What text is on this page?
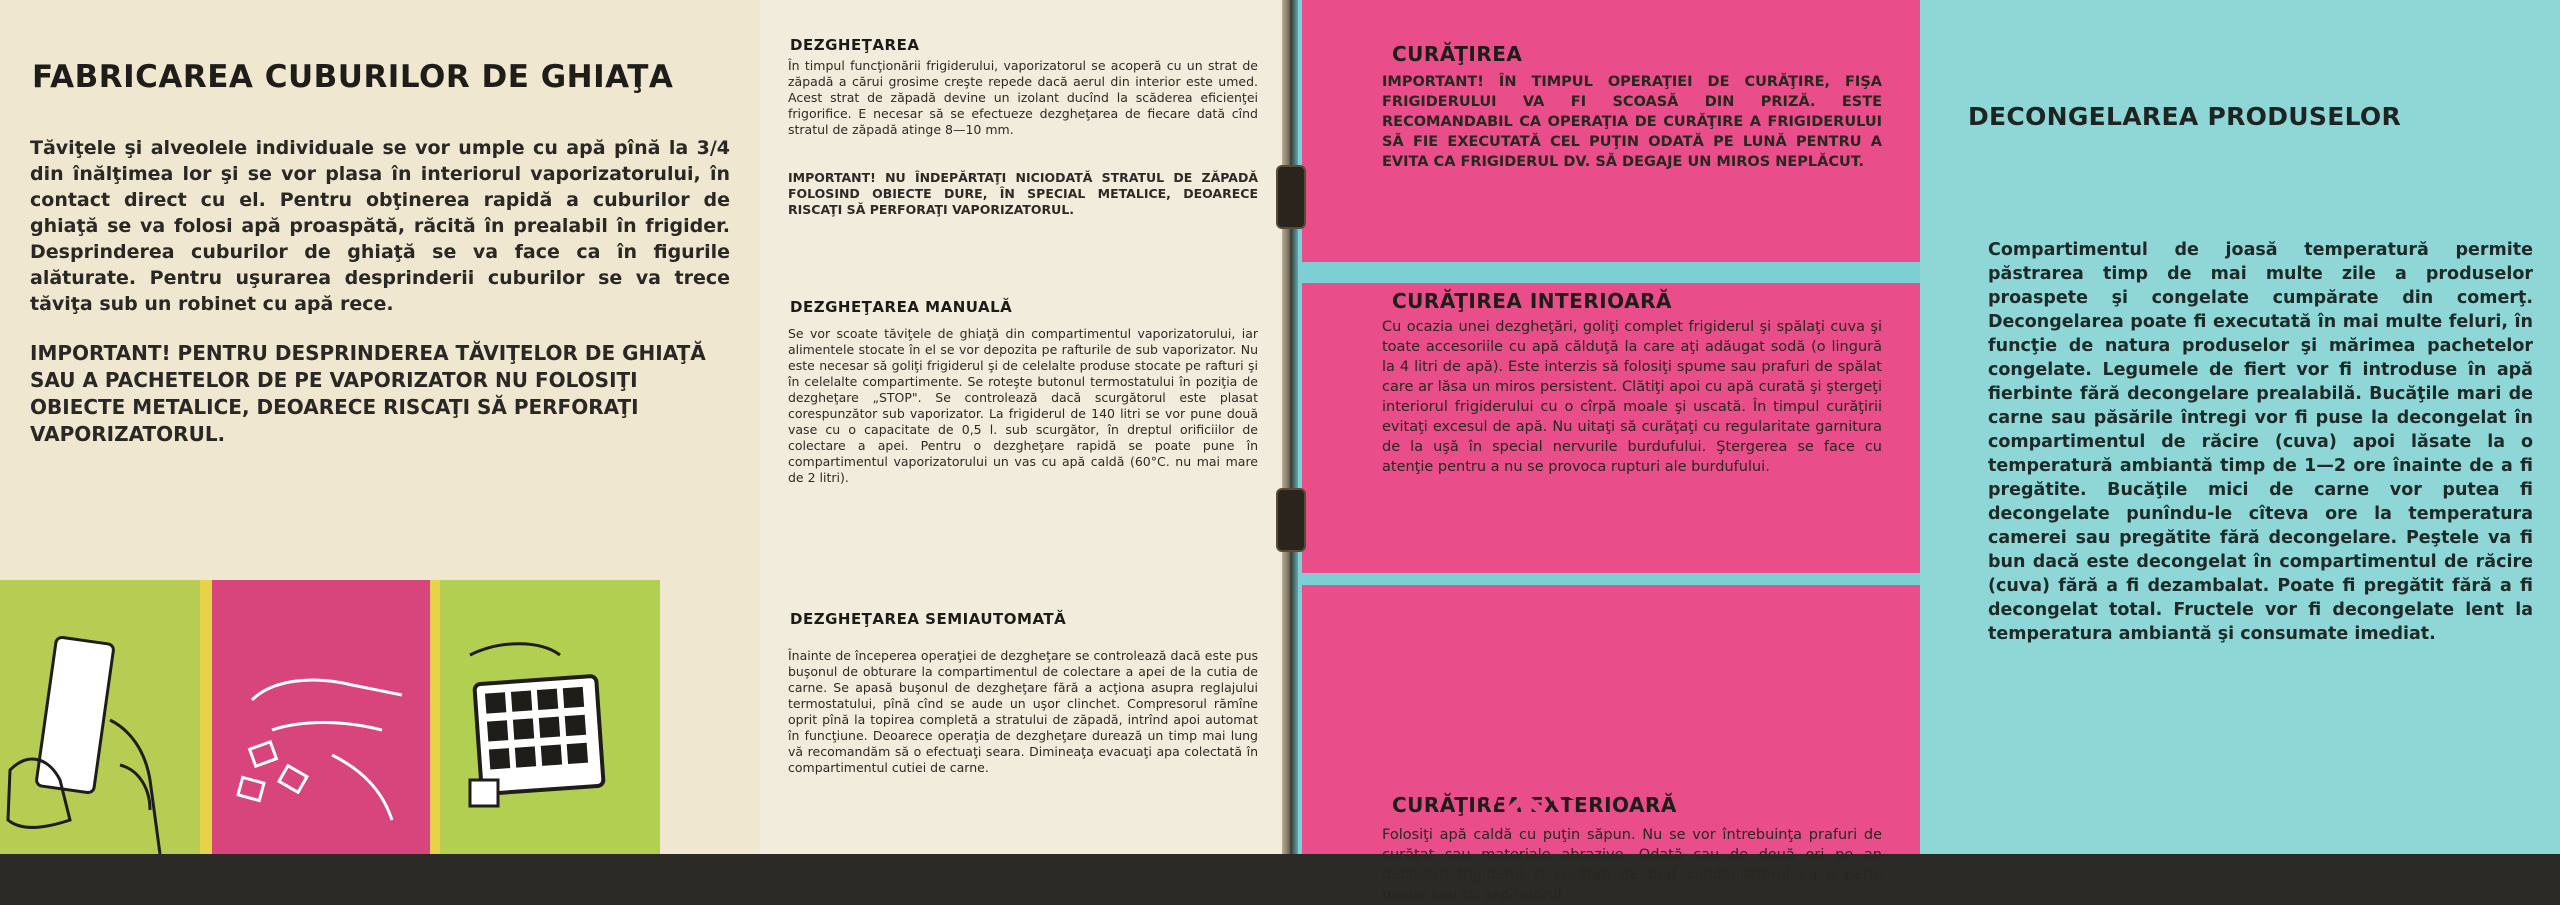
FABRICAREA CUBURILOR DE GHIAŢA
Tăviţele şi alveolele individuale se vor umple cu apă pînă la 3/4 din înălţimea lor şi se vor plasa în interiorul vaporizatorului, în contact direct cu el. Pentru obţinerea rapidă a cuburilor de ghiaţă se va folosi apă proaspătă, răcită în prealabil în frigider. Desprinderea cuburilor de ghiaţă se va face ca în figurile alăturate. Pentru uşurarea desprinderii cuburilor se va trece tăviţa sub un robinet cu apă rece.
IMPORTANT! PENTRU DESPRINDEREA TĂVIŢELOR DE GHIAŢĂ SAU A PACHETELOR DE PE VAPORIZATOR NU FOLOSIŢI OBIECTE METALICE, DEOARECE RISCAŢI SĂ PERFORAŢI VAPORIZATORUL.
DEZGHEŢAREA
În timpul funcţionării frigiderului, vaporizatorul se acoperă cu un strat de zăpadă a cărui grosime creşte repede dacă aerul din interior este umed. Acest strat de zăpadă devine un izolant ducînd la scăderea eficienţei frigorifice. E necesar să se efectueze dezgheţarea de fiecare dată cînd stratul de zăpadă atinge 8—10 mm.
IMPORTANT! NU ÎNDEPĂRTAŢI NICIODATĂ STRATUL DE ZĂPADĂ FOLOSIND OBIECTE DURE, ÎN SPECIAL METALICE, DEOARECE RISCAŢI SĂ PERFORAŢI VAPORIZATORUL.
DEZGHEŢAREA MANUALĂ
Se vor scoate tăviţele de ghiaţă din compartimentul vaporizatorului, iar alimentele stocate în el se vor depozita pe rafturile de sub vaporizator. Nu este necesar să goliţi frigiderul şi de celelalte produse stocate pe rafturi şi în celelalte compartimente. Se roteşte butonul termostatului în poziţia de dezgheţare „STOP". Se controlează dacă scurgătorul este plasat corespunzător sub vaporizator. La frigiderul de 140 litri se vor pune două vase cu o capacitate de 0,5 l. sub scurgător, în dreptul orificiilor de colectare a apei. Pentru o dezgheţare rapidă se poate pune în compartimentul vaporizatorului un vas cu apă caldă (60°C. nu mai mare de 2 litri).
DEZGHEŢAREA SEMIAUTOMATĂ
Înainte de începerea operaţiei de dezgheţare se controlează dacă este pus buşonul de obturare la compartimentul de colectare a apei de la cutia de carne. Se apasă buşonul de dezgheţare fără a acţiona asupra reglajului termostatului, pînă cînd se aude un uşor clinchet. Compresorul rămîne oprit pînă la topirea completă a stratului de zăpadă, intrînd apoi automat în funcţiune. Deoarece operaţia de dezgheţare durează un timp mai lung vă recomandăm să o efectuaţi seara. Dimineaţa evacuaţi apa colectată în compartimentul cutiei de carne.
CURĂŢIREA
IMPORTANT! ÎN TIMPUL OPERAŢIEI DE CURĂŢIRE, FIŞA FRIGIDERULUI VA FI SCOASĂ DIN PRIZĂ. ESTE RECOMANDABIL CA OPERAŢIA DE CURĂŢIRE A FRIGIDERULUI SĂ FIE EXECUTATĂ CEL PUŢIN ODATĂ PE LUNĂ PENTRU A EVITA CA FRIGIDERUL DV. SĂ DEGAJE UN MIROS NEPLĂCUT.
CURĂŢIREA INTERIOARĂ
Cu ocazia unei dezgheţări, goliţi complet frigiderul şi spălaţi cuva şi toate accesoriile cu apă călduţă la care aţi adăugat sodă (o lingură la 4 litri de apă). Este interzis să folosiţi spume sau prafuri de spălat care ar lăsa un miros persistent. Clătiţi apoi cu apă curată şi ştergeţi interiorul frigiderului cu o cîrpă moale şi uscată. În timpul curăţirii evitaţi excesul de apă. Nu uitaţi să curăţaţi cu regularitate garnitura de la uşă în special nervurile burdufului. Ştergerea se face cu atenţie pentru a nu se provoca rupturi ale burdufului.
CURĂŢIREA EXTERIOARĂ
Folosiţi apă caldă cu puţin săpun. Nu se vor întrebuinţa prafuri de curăţat sau materiale abrazive. Odată sau de două ori pe an deplasaţi frigiderul şi curăţaţi de praf condensatorul cu o perie moale sau cu aspiratorul.
DECONGELAREA PRODUSELOR
Compartimentul de joasă temperatură permite păstrarea timp de mai multe zile a produselor proaspete şi congelate cumpărate din comerţ. Decongelarea poate fi executată în mai multe feluri, în funcţie de natura produselor şi mărimea pachetelor congelate. Legumele de fiert vor fi introduse în apă fierbinte fără decongelare prealabilă. Bucăţile mari de carne sau păsările întregi vor fi puse la decongelat în compartimentul de răcire (cuva) apoi lăsate la o temperatură ambiantă timp de 1—2 ore înainte de a fi pregătite. Bucăţile mici de carne vor putea fi decongelate punîndu-le cîteva ore la temperatura camerei sau pregătite fără decongelare. Peştele va fi bun dacă este decongelat în compartimentul de răcire (cuva) fără a fi dezambalat. Poate fi pregătit fără a fi decongelat total. Fructele vor fi decongelate lent la temperatura ambiantă şi consumate imediat.
